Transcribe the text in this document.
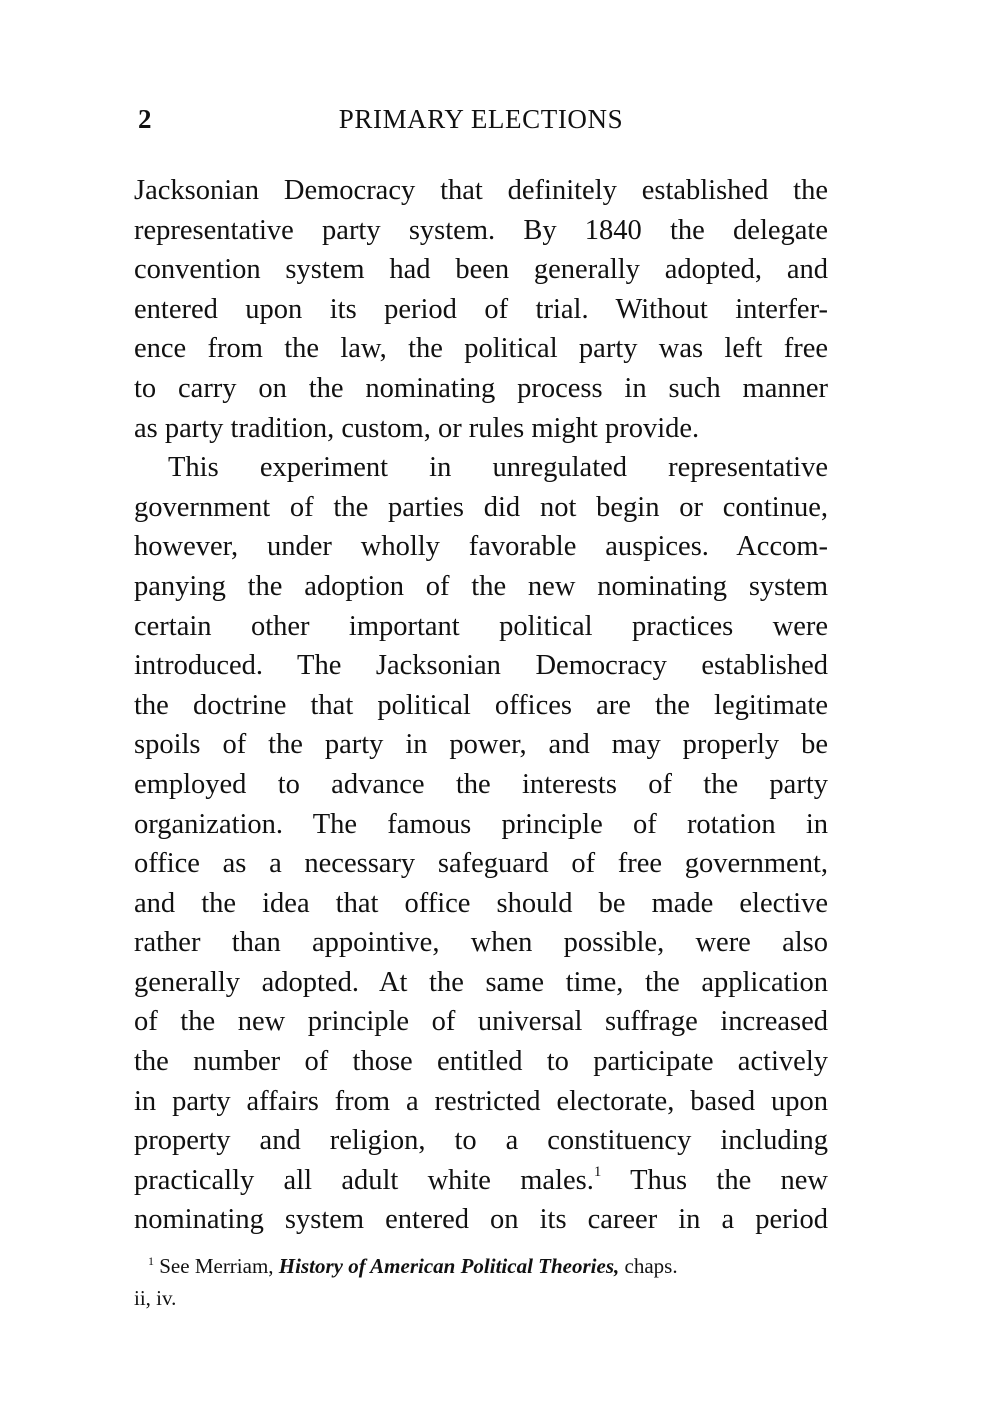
2	PRIMARY ELECTIONS
Jacksonian Democracy that definitely established the
representative party system. By 1840 the delegate
convention system had been generally adopted, and
entered upon its period of trial. Without interfer-
ence from the law, the political party was left free
to carry on the nominating process in such manner
as party tradition, custom, or rules might provide.
This experiment in unregulated representative
government of the parties did not begin or continue,
however, under wholly favorable auspices. Accom-
panying the adoption of the new nominating system
certain other important political practices were
introduced. The Jacksonian Democracy established
the doctrine that political offices are the legitimate
spoils of the party in power, and may properly be
employed to advance the interests of the party
organization. The famous principle of rotation in
office as a necessary safeguard of free government,
and the idea that office should be made elective
rather than appointive, when possible, were also
generally adopted. At the same time, the application
of the new principle of universal suffrage increased
the number of those entitled to participate actively
in party affairs from a restricted electorate, based upon
property and religion, to a constituency including
practically all adult white males.$^1$ Thus the new
nominating system entered on its career in a period
$^1$ See Merriam, History of American Political Theories, chaps.
ii, iv.
